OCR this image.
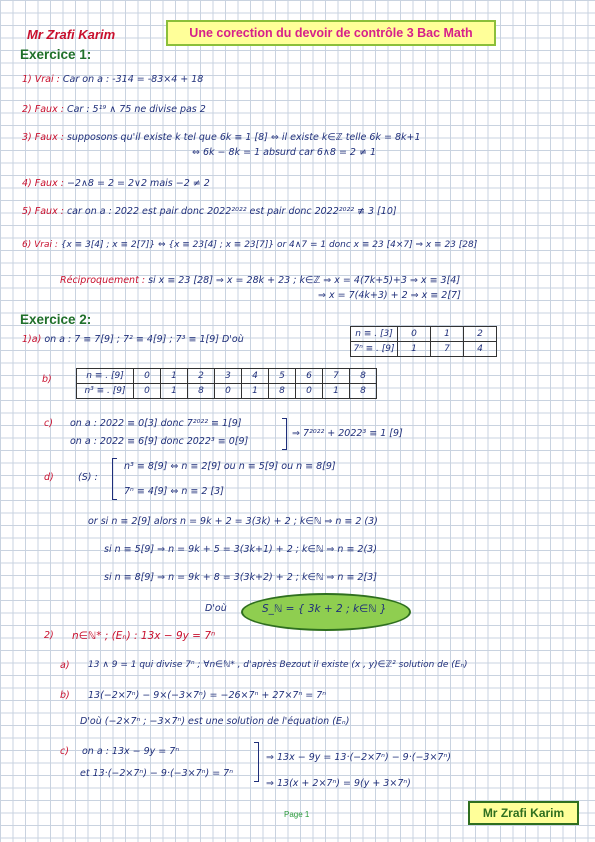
Mr Zrafi Karim	Une corection du devoir de contrôle 3 Bac Math
Exercice 1:
1) Vrai : Car on a : -314 = -83×4 + 18
2) Faux : Car : 5¹⁹ ∧ 75 ne divise pas 2
3) Faux : supposons qu'il existe k tel que 6k ≡ 1 [8] ⇔ il existe k∈ℤ telle 6k = 8k+1
⇔ 6k − 8k = 1 absurd car 6∧8 = 2 ≠ 1
4) Faux : −2∧8 = 2 = 2∨2 mais −2 ≠ 2
5) Faux : car on a : 2022 est pair donc 2022²⁰²² est pair donc 2022²⁰²² ≢ 3 [10]
6) Vrai : {x ≡ 3[4] ; x ≡ 2[7]} ⇔ {x ≡ 23[4] ; x ≡ 23[7]} or 4∧7 = 1 donc x ≡ 23 [4×7] ⇒ x ≡ 23 [28]
Réciproquement : si x ≡ 23 [28] ⇒ x = 28k + 23 ; k∈ℤ ⇒ x = 4(7k+5)+3 ⇒ x ≡ 3[4]
⇒ x = 7(4k+3) + 2 ⇒ x ≡ 2[7]
Exercice 2:
1)a) on a : 7 ≡ 7[9] ; 7² ≡ 4[9] ; 7³ ≡ 1[9] D'où	n ≡ . [3]	0	1	2
7ⁿ ≡ . [9]	1	7	4
b)	n ≡ . [9]	0	1	2	3	4	5	6	7	8
n³ ≡ . [9]	0	1	8	0	1	8	0	1	8
c) on a : 2022 ≡ 0[3] donc 7²⁰²² ≡ 1[9]
on a : 2022 ≡ 6[9] donc 2022³ ≡ 0[9]
⇒ 7²⁰²² + 2022³ ≡ 1 [9]
d)	(S) :
n³ ≡ 8[9] ⇔ n ≡ 2[9] ou n ≡ 5[9] ou n ≡ 8[9]
7ⁿ ≡ 4[9] ⇔ n ≡ 2 [3]
or si n ≡ 2[9] alors n = 9k + 2 = 3(3k) + 2 ; k∈ℕ ⇒ n ≡ 2 (3)
si n ≡ 5[9] ⇒ n = 9k + 5 = 3(3k+1) + 2 ; k∈ℕ ⇒ n ≡ 2(3)
si n ≡ 8[9] ⇒ n = 9k + 8 = 3(3k+2) + 2 ; k∈ℕ ⇒ n ≡ 2[3]
D'où	S_ℕ = { 3k + 2 ; k∈ℕ }
2) n∈ℕ* ; (Eₙ) : 13x − 9y = 7ⁿ
a) 13 ∧ 9 = 1 qui divise 7ⁿ ; ∀n∈ℕ* , d'après Bezout il existe (x , y)∈ℤ² solution de (Eₙ)
b) 13(−2×7ⁿ) − 9×(−3×7ⁿ) = −26×7ⁿ + 27×7ⁿ = 7ⁿ
D'où (−2×7ⁿ ; −3×7ⁿ) est une solution de l'équation (Eₙ)
c) on a : 13x − 9y = 7ⁿ
et 13·(−2×7ⁿ) − 9·(−3×7ⁿ) = 7ⁿ
⇒ 13x − 9y = 13·(−2×7ⁿ) − 9·(−3×7ⁿ)
⇒ 13(x + 2×7ⁿ) = 9(y + 3×7ⁿ)
Page 1	Mr Zrafi Karim
